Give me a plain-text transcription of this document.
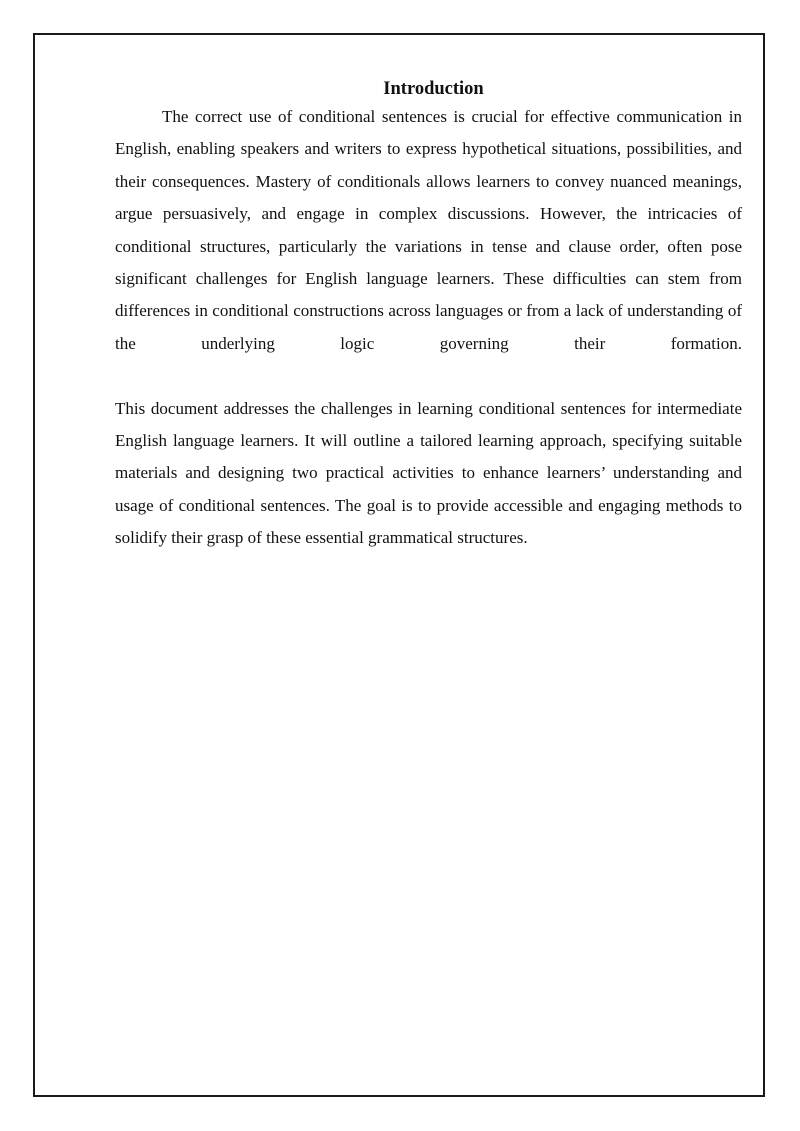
Introduction

The correct use of conditional sentences is crucial for effective communication in English, enabling speakers and writers to express hypothetical situations, possibilities, and their consequences. Mastery of conditionals allows learners to convey nuanced meanings, argue persuasively, and engage in complex discussions. However, the intricacies of conditional structures, particularly the variations in tense and clause order, often pose significant challenges for English language learners. These difficulties can stem from differences in conditional constructions across languages or from a lack of understanding of the underlying logic governing their formation.

This document addresses the challenges in learning conditional sentences for intermediate English language learners. It will outline a tailored learning approach, specifying suitable materials and designing two practical activities to enhance learners’ understanding and usage of conditional sentences. The goal is to provide accessible and engaging methods to solidify their grasp of these essential grammatical structures.
